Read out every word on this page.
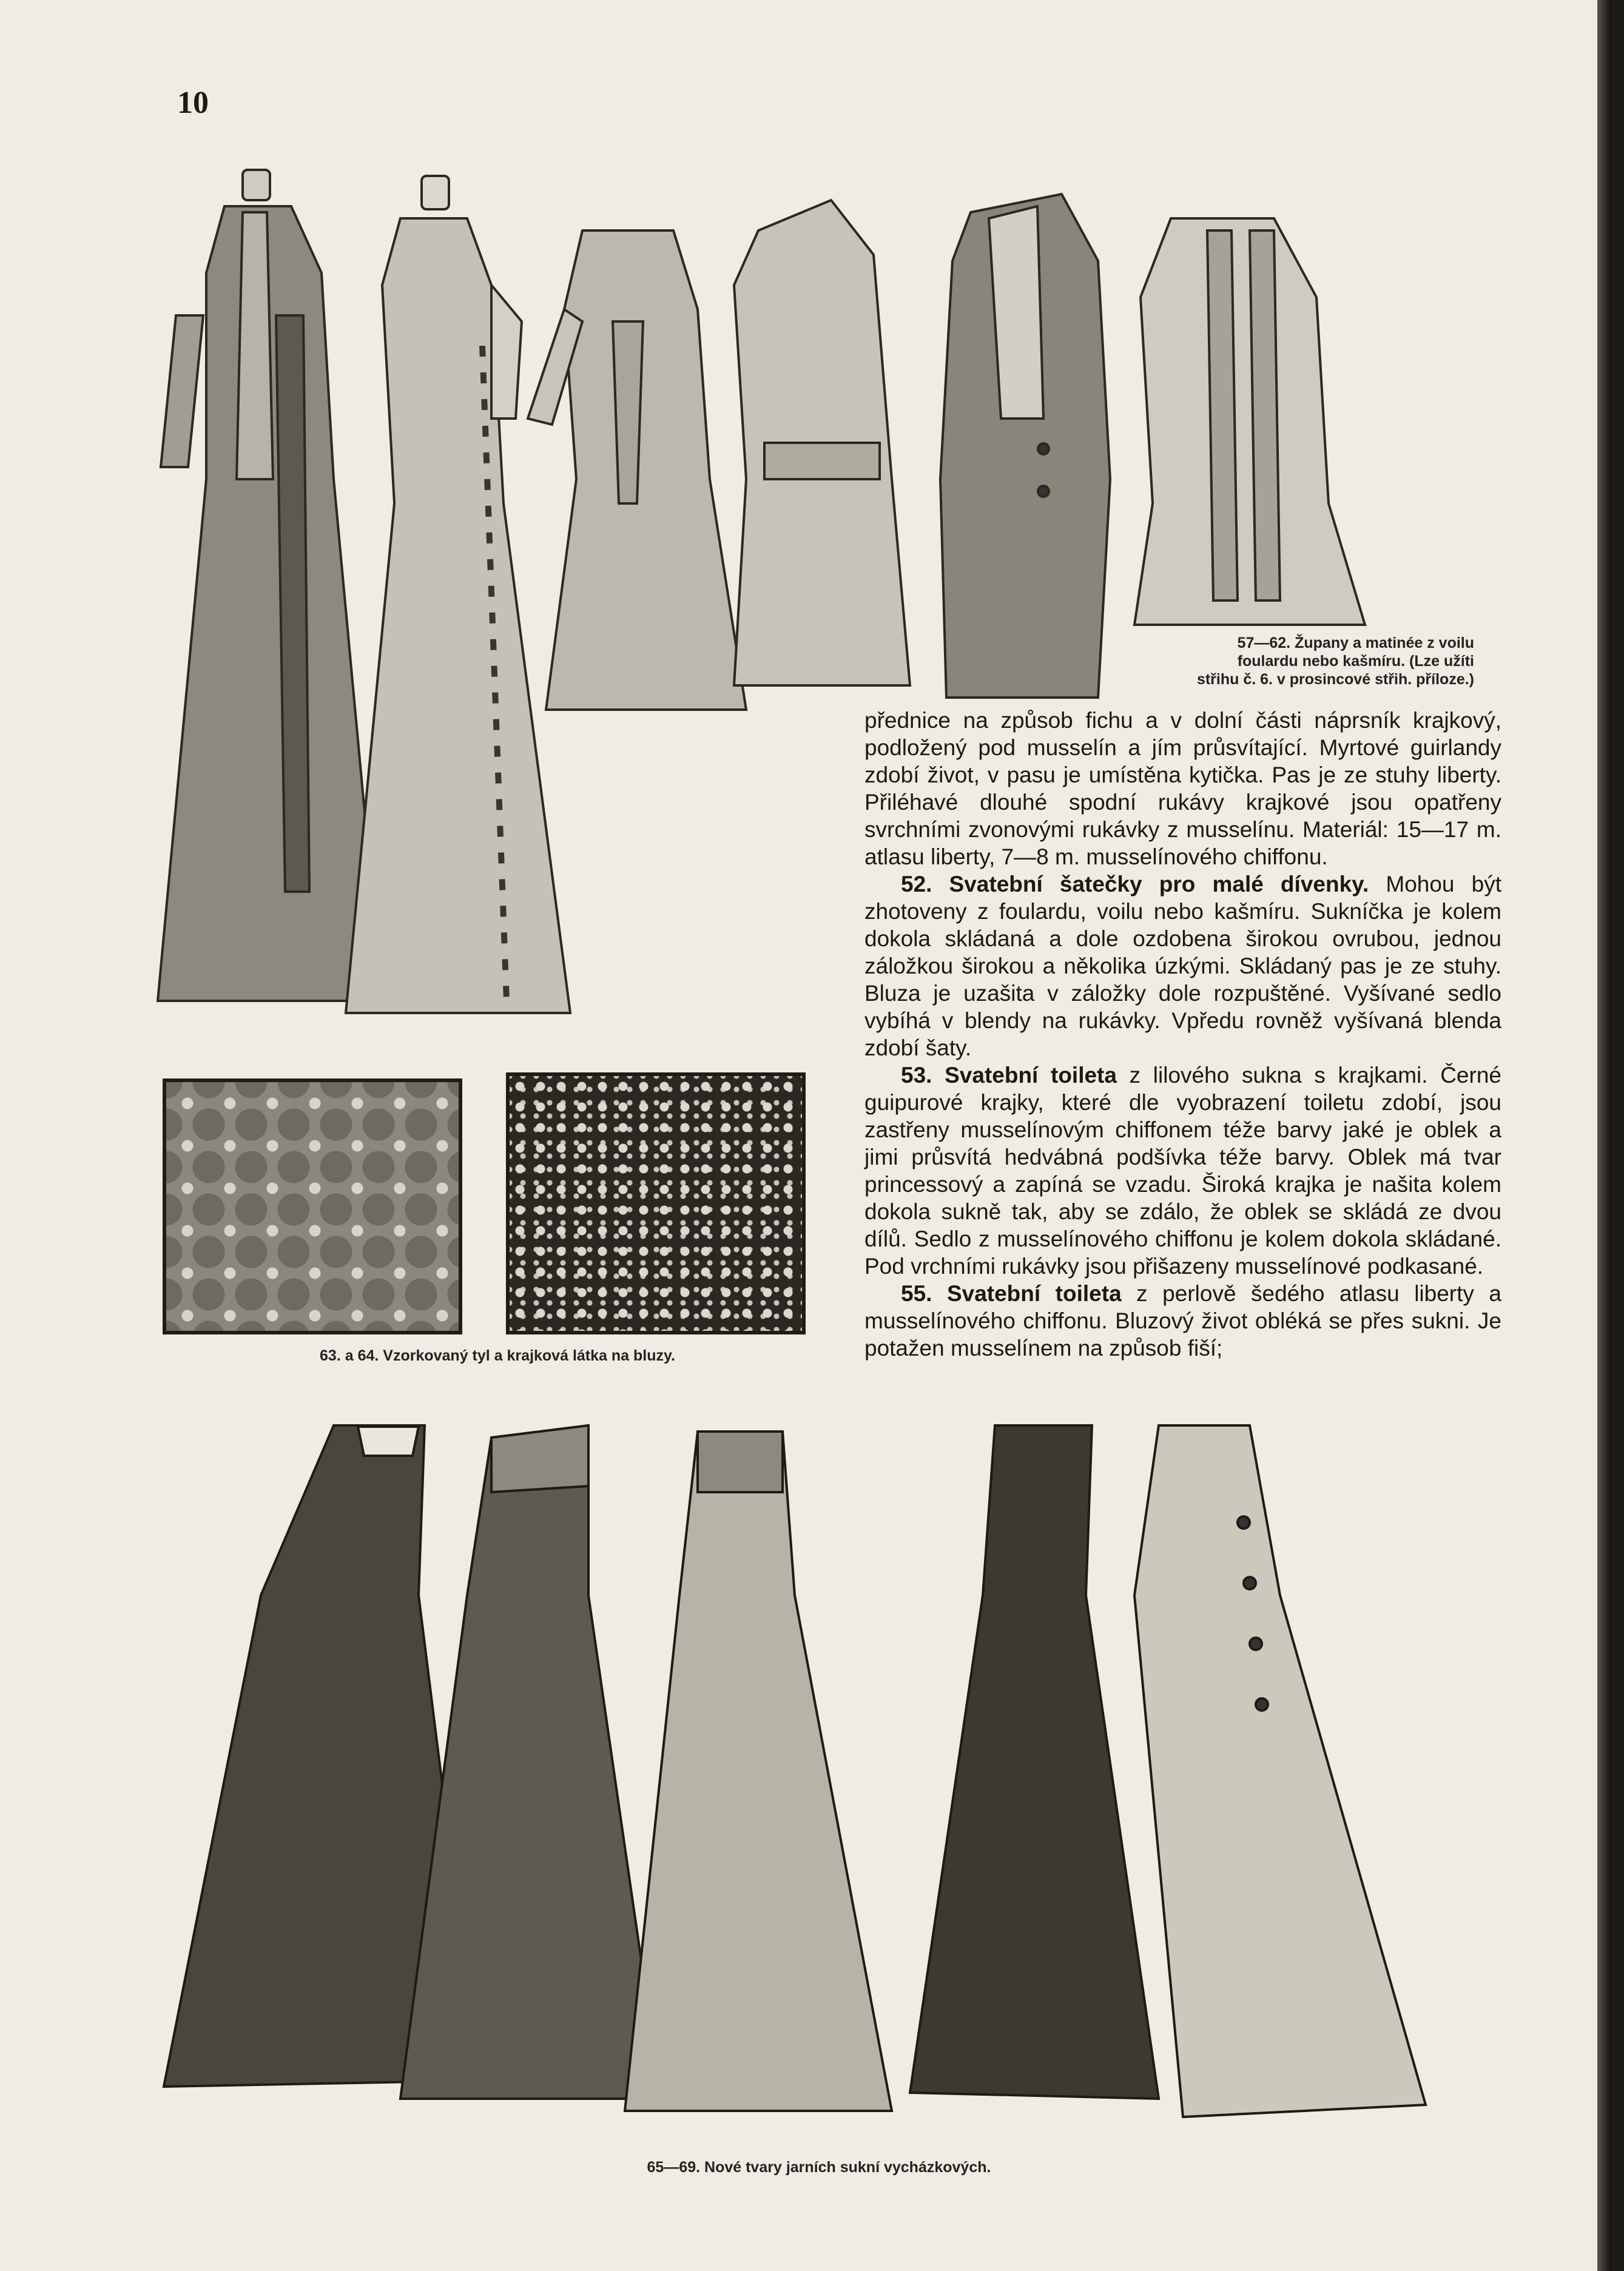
10
57—62. Župany a matinée z voilu
foulardu nebo kašmíru. (Lze užíti
střihu č. 6. v prosincové střih. příloze.)
63. a 64. Vzorkovaný tyl a krajková látka na bluzy.

přednice na způsob fichu a v dolní části náprsník krajkový, podložený pod musselín a jím průsvítající. Myrtové guirlandy zdobí život, v pasu je umístěna kytička. Pas je ze stuhy liberty. Přiléhavé dlouhé spodní rukávy krajkové jsou opatřeny svrchními zvonovými rukávky z musselínu. Materiál: 15—17 m. atlasu liberty, 7—8 m. musselínového chiffonu.

52. Svatební šatečky pro malé dívenky. Mohou být zhotoveny z foulardu, voilu nebo kašmíru. Sukníčka je kolem dokola skládaná a dole ozdobena širokou ovrubou, jednou záložkou širokou a několika úzkými. Skládaný pas je ze stuhy. Bluza je uzašita v záložky dole rozpuštěné. Vyšívané sedlo vybíhá v blendy na rukávky. Vpředu rovněž vyšívaná blenda zdobí šaty.

53. Svatební toileta z lilového sukna s krajkami. Černé guipurové krajky, které dle vyobrazení toiletu zdobí, jsou zastřeny musselínovým chiffonem téže barvy jaké je oblek a jimi průsvítá hedvábná podšívka téže barvy. Oblek má tvar princessový a zapíná se vzadu. Široká krajka je našita kolem dokola sukně tak, aby se zdálo, že oblek se skládá ze dvou dílů. Sedlo z musselínového chiffonu je kolem dokola skládané. Pod vrchními rukávky jsou přišazeny musselínové podkasané.

55. Svatební toileta z perlově šedého atlasu liberty a musselínového chiffonu. Bluzový život obléká se přes sukni. Je potažen musselínem na způsob fiší;

65—69. Nové tvary jarních sukní vycházkových.
